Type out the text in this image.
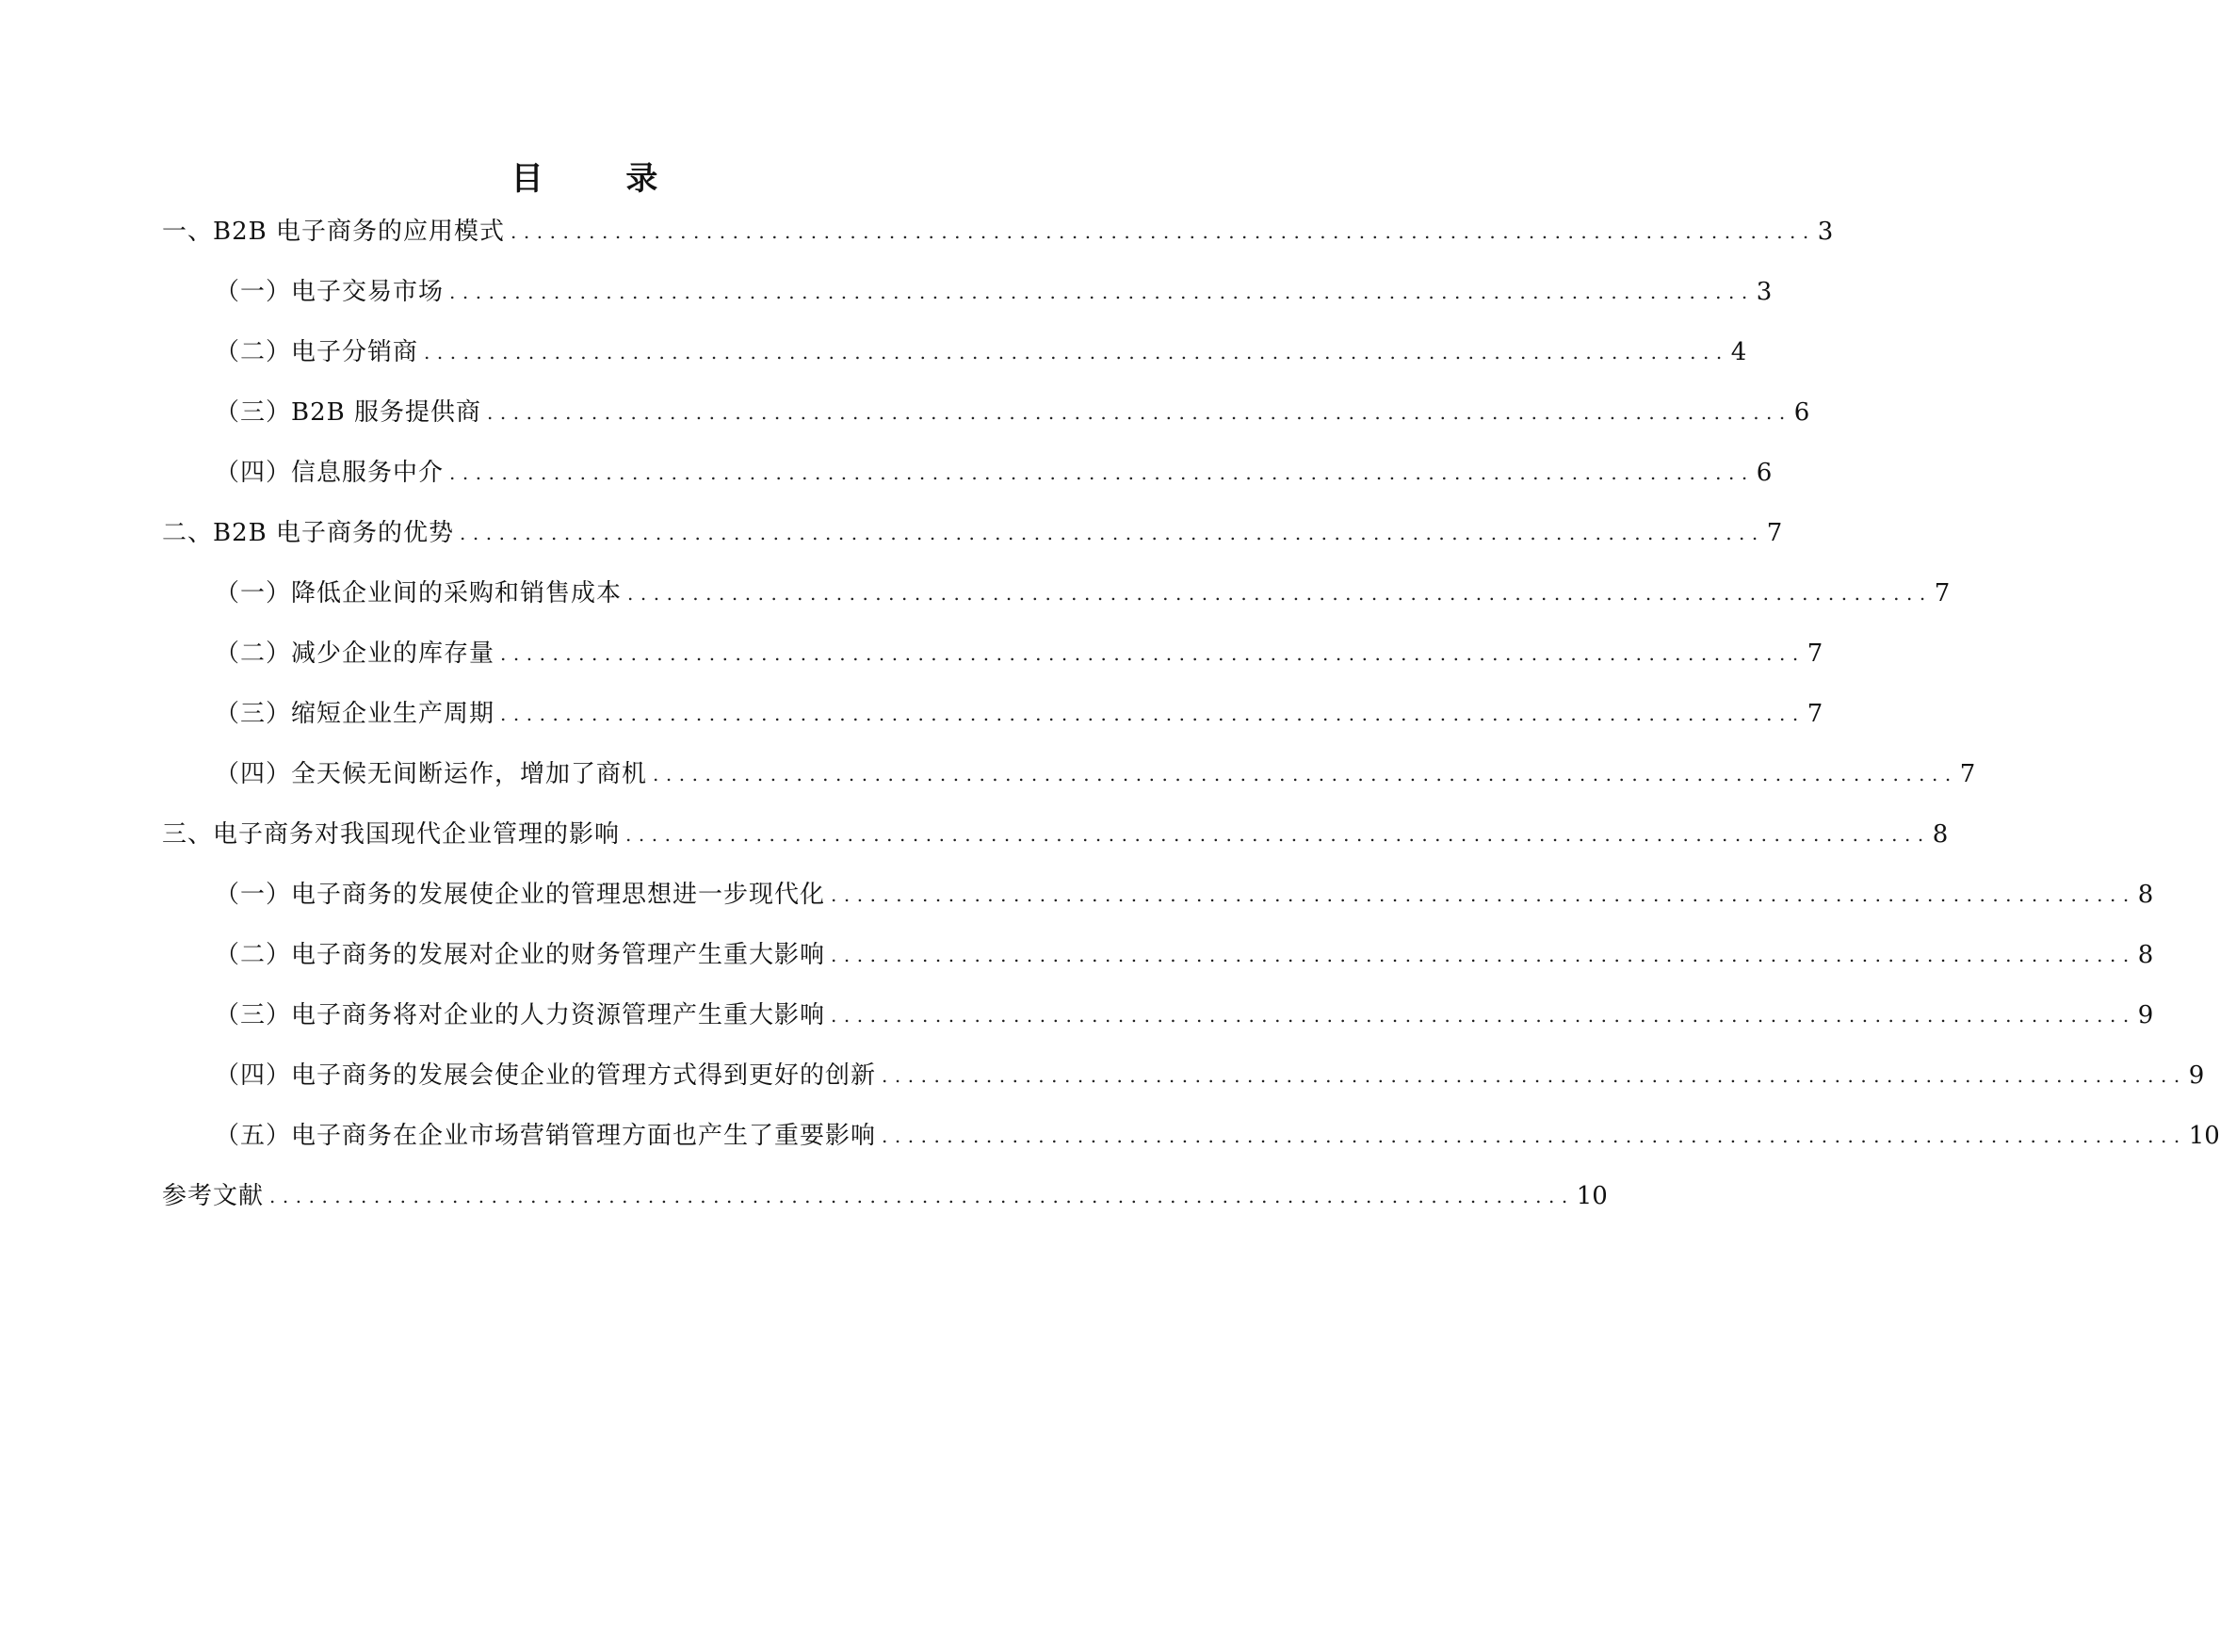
目 录
一、B2B 电子商务的应用模式 .................................................................................................... 3
（一）电子交易市场 .................................................................................................... 3
（二）电子分销商 .................................................................................................... 4
（三）B2B 服务提供商 .................................................................................................... 6
（四）信息服务中介 .................................................................................................... 6
二、B2B 电子商务的优势 .................................................................................................... 7
（一）降低企业间的采购和销售成本 .................................................................................................... 7
（二）减少企业的库存量 .................................................................................................... 7
（三）缩短企业生产周期 .................................................................................................... 7
（四）全天候无间断运作，增加了商机 .................................................................................................... 7
三、电子商务对我国现代企业管理的影响 .................................................................................................... 8
（一）电子商务的发展使企业的管理思想进一步现代化 .................................................................................................... 8
（二）电子商务的发展对企业的财务管理产生重大影响 .................................................................................................... 8
（三）电子商务将对企业的人力资源管理产生重大影响 .................................................................................................... 9
（四）电子商务的发展会使企业的管理方式得到更好的创新 .................................................................................................... 9
（五）电子商务在企业市场营销管理方面也产生了重要影响 .................................................................................................... 10
参考文献 .................................................................................................... 10
